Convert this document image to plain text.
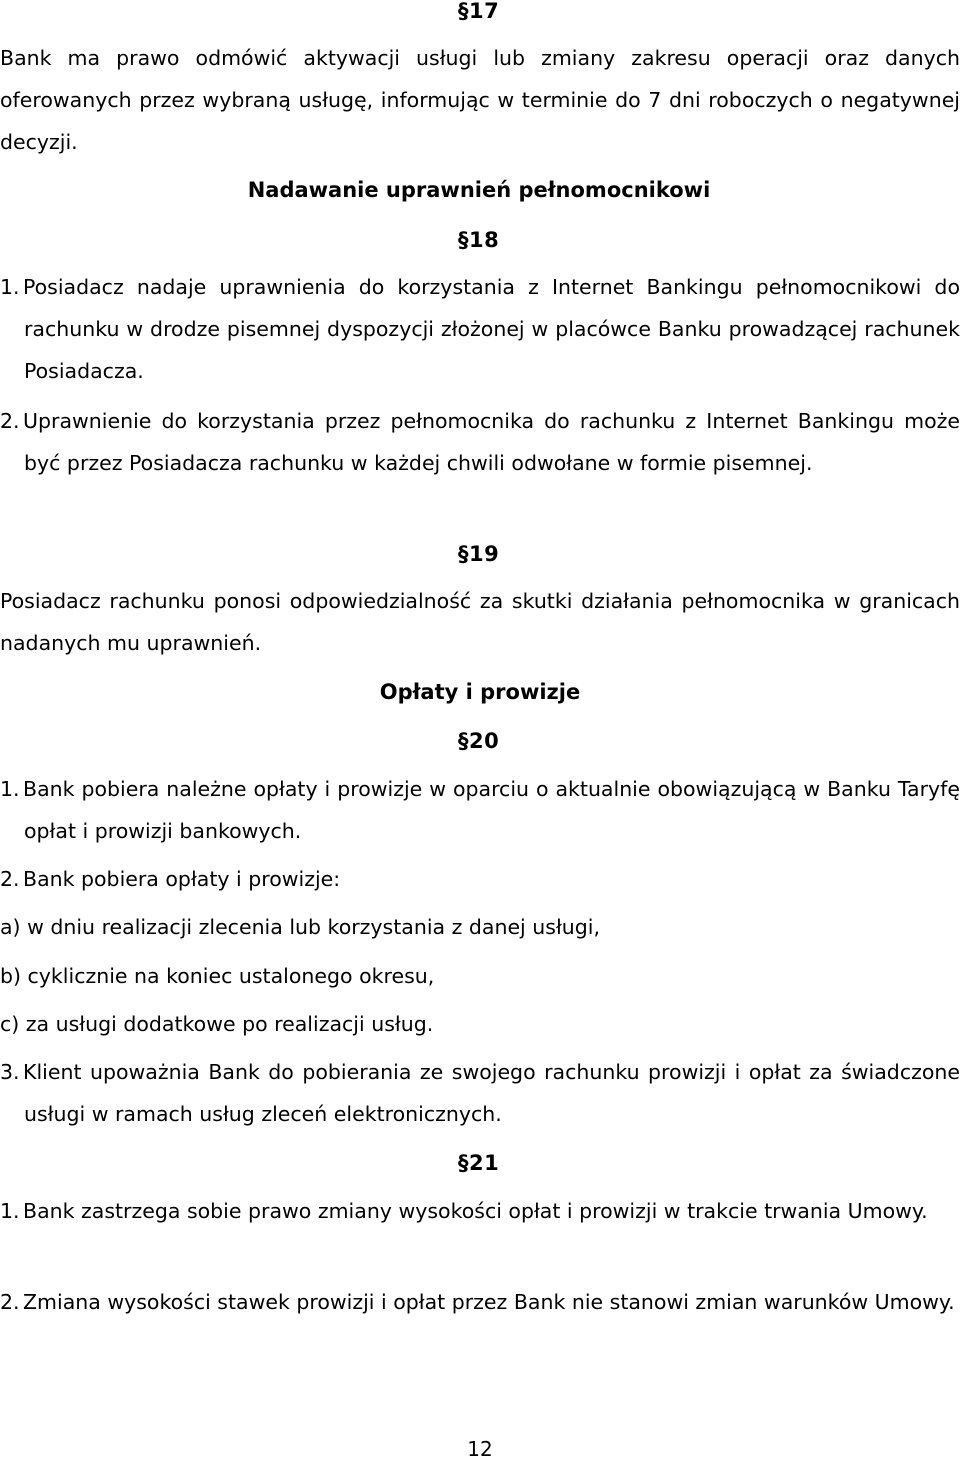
§17
Bank ma prawo odmówić aktywacji usługi lub zmiany zakresu operacji oraz danych oferowanych przez wybraną usługę, informując w terminie do 7 dni roboczych o negatywnej decyzji.
Nadawanie uprawnień pełnomocnikowi
§18
1. Posiadacz nadaje uprawnienia do korzystania z Internet Bankingu pełnomocnikowi do rachunku w drodze pisemnej dyspozycji złożonej w placówce Banku prowadzącej rachunek Posiadacza.
2. Uprawnienie do korzystania przez pełnomocnika do rachunku z Internet Bankingu może być przez Posiadacza rachunku w każdej chwili odwołane w formie pisemnej.
§19
Posiadacz rachunku ponosi odpowiedzialność za skutki działania pełnomocnika w granicach nadanych mu uprawnień.
Opłaty i prowizje
§20
1. Bank pobiera należne opłaty i prowizje w oparciu o aktualnie obowiązującą w Banku Taryfę opłat i prowizji bankowych.
2. Bank pobiera opłaty i prowizje:
a) w dniu realizacji zlecenia lub korzystania z danej usługi,
b) cyklicznie na koniec ustalonego okresu,
c) za usługi dodatkowe po realizacji usług.
3. Klient upoważnia Bank do pobierania ze swojego rachunku prowizji i opłat za świadczone usługi w ramach usług zleceń elektronicznych.
§21
1. Bank zastrzega sobie prawo zmiany wysokości opłat i prowizji w trakcie trwania Umowy.
2. Zmiana wysokości stawek prowizji i opłat przez Bank nie stanowi zmian warunków Umowy.
12
